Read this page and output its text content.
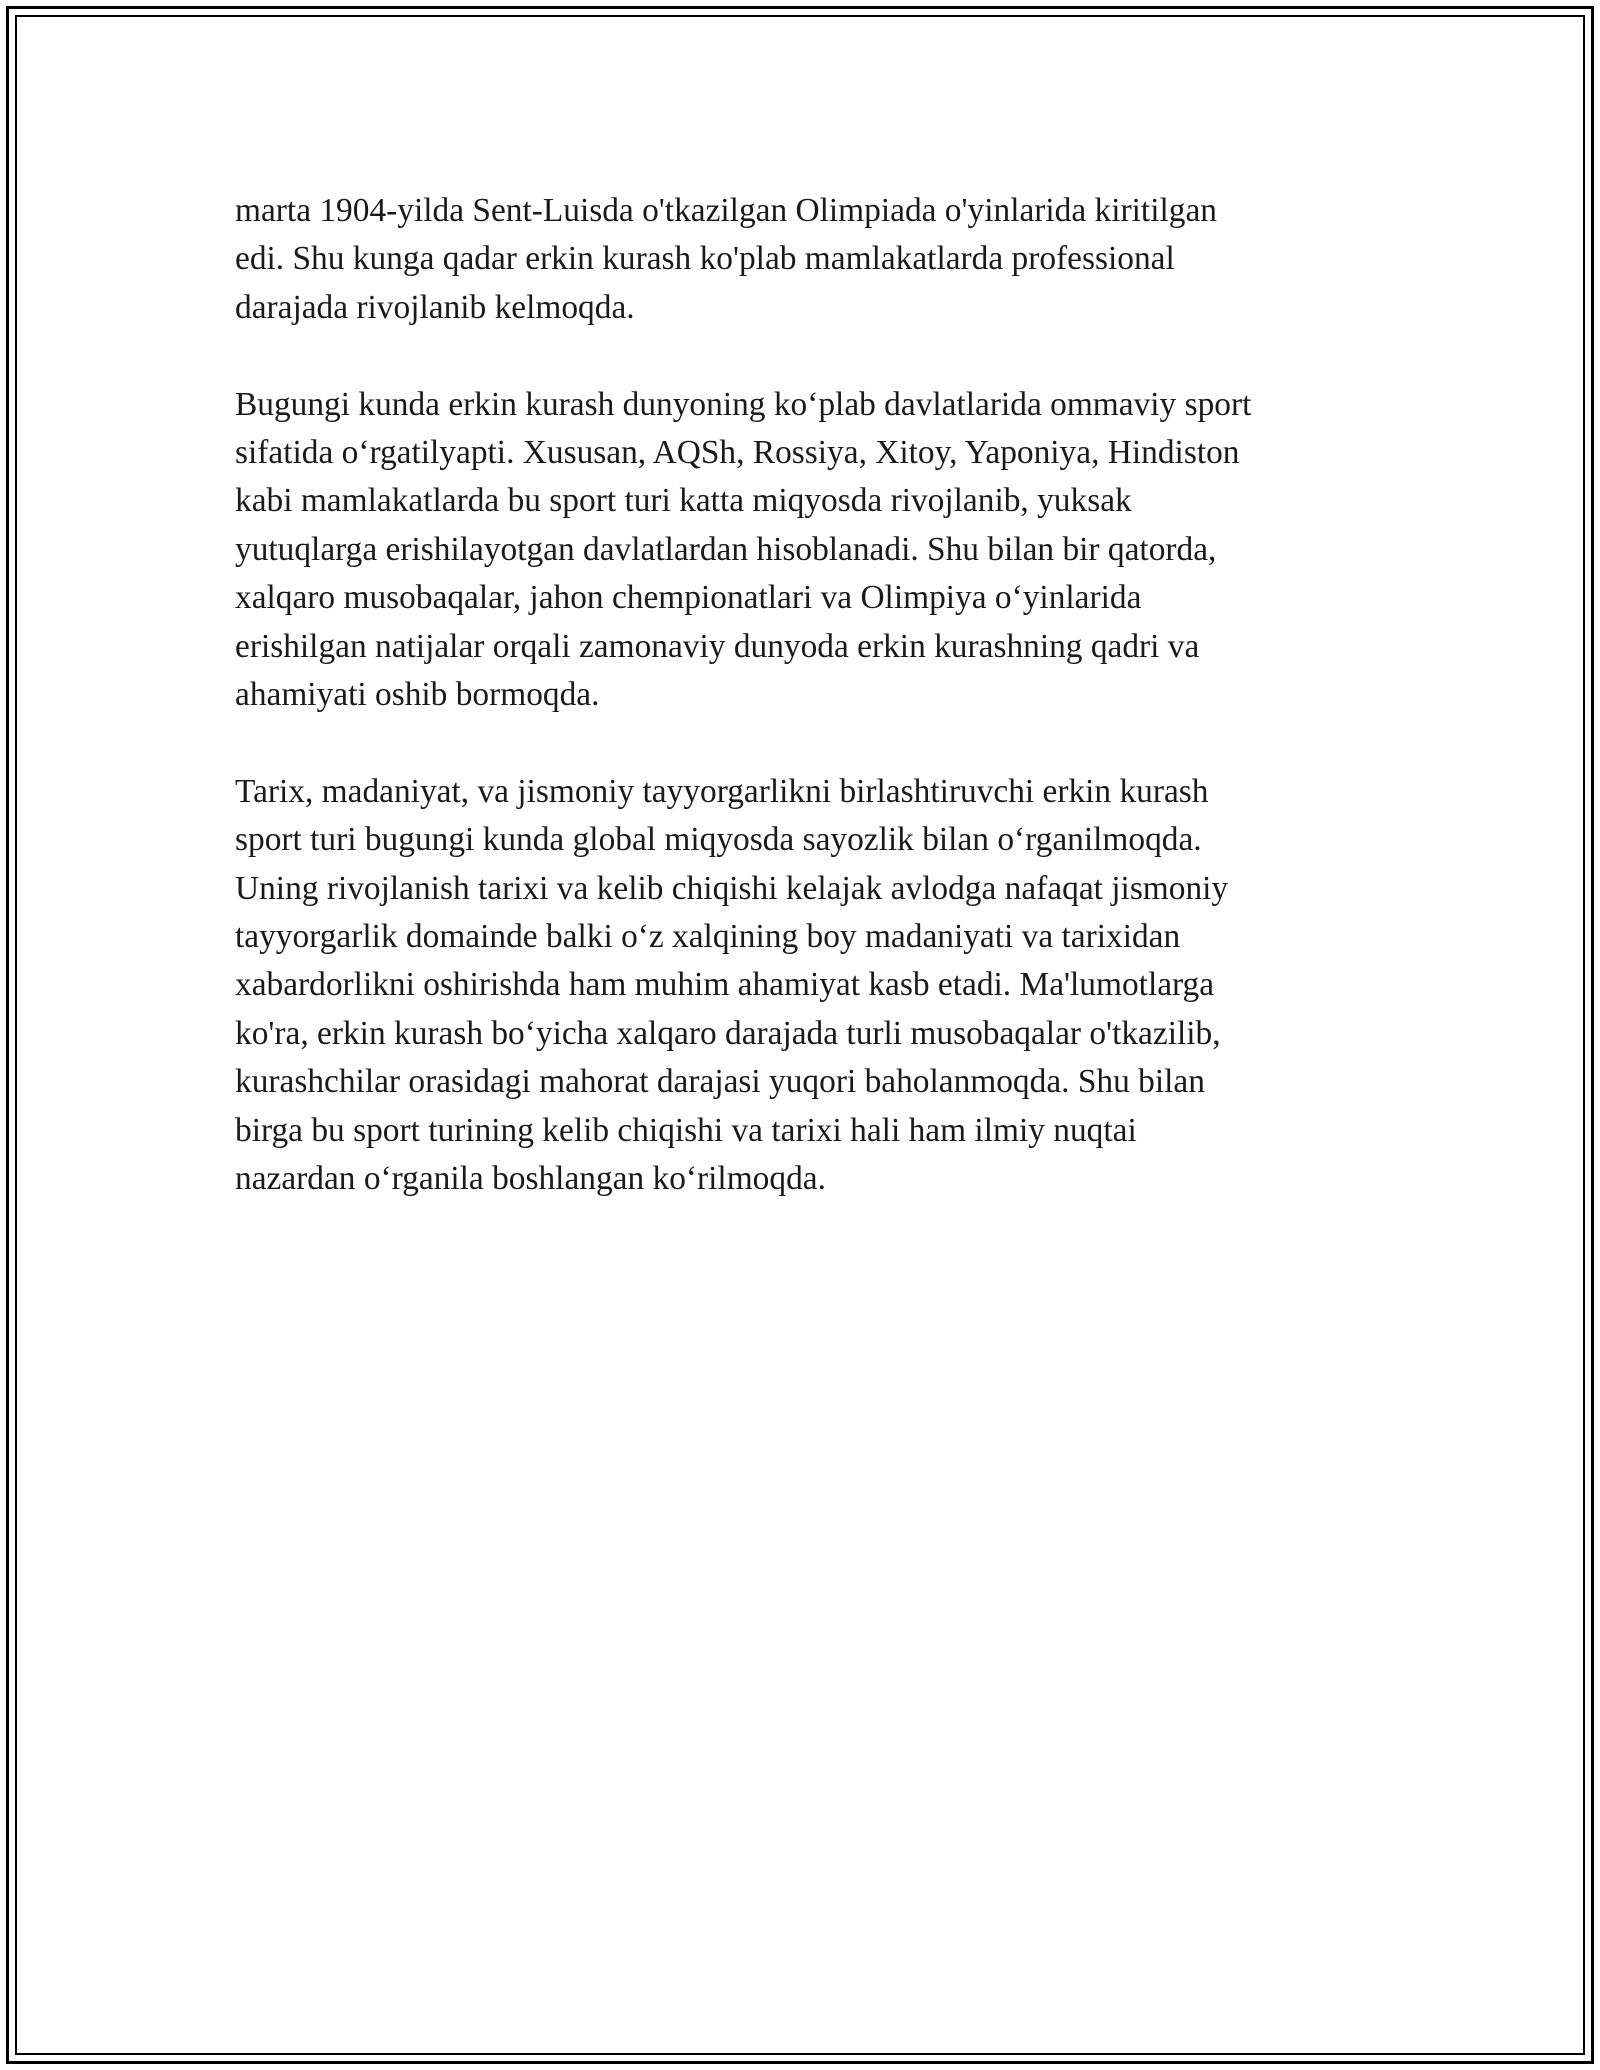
marta 1904-yilda Sent-Luisda o'tkazilgan Olimpiada o'yinlarida kiritilgan
edi. Shu kunga qadar erkin kurash ko'plab mamlakatlarda professional
darajada rivojlanib kelmoqda.

Bugungi kunda erkin kurash dunyoning ko‘plab davlatlarida ommaviy sport
sifatida o‘rgatilyapti. Xususan, AQSh, Rossiya, Xitoy, Yaponiya, Hindiston
kabi mamlakatlarda bu sport turi katta miqyosda rivojlanib, yuksak
yutuqlarga erishilayotgan davlatlardan hisoblanadi. Shu bilan bir qatorda,
xalqaro musobaqalar, jahon chempionatlari va Olimpiya o‘yinlarida
erishilgan natijalar orqali zamonaviy dunyoda erkin kurashning qadri va
ahamiyati oshib bormoqda.

Tarix, madaniyat, va jismoniy tayyorgarlikni birlashtiruvchi erkin kurash
sport turi bugungi kunda global miqyosda sayozlik bilan o‘rganilmoqda.
Uning rivojlanish tarixi va kelib chiqishi kelajak avlodga nafaqat jismoniy
tayyorgarlik domainde balki o‘z xalqining boy madaniyati va tarixidan
xabardorlikni oshirishda ham muhim ahamiyat kasb etadi. Ma'lumotlarga
ko'ra, erkin kurash bo‘yicha xalqaro darajada turli musobaqalar o'tkazilib,
kurashchilar orasidagi mahorat darajasi yuqori baholanmoqda. Shu bilan
birga bu sport turining kelib chiqishi va tarixi hali ham ilmiy nuqtai
nazardan o‘rganila boshlangan ko‘rilmoqda.
